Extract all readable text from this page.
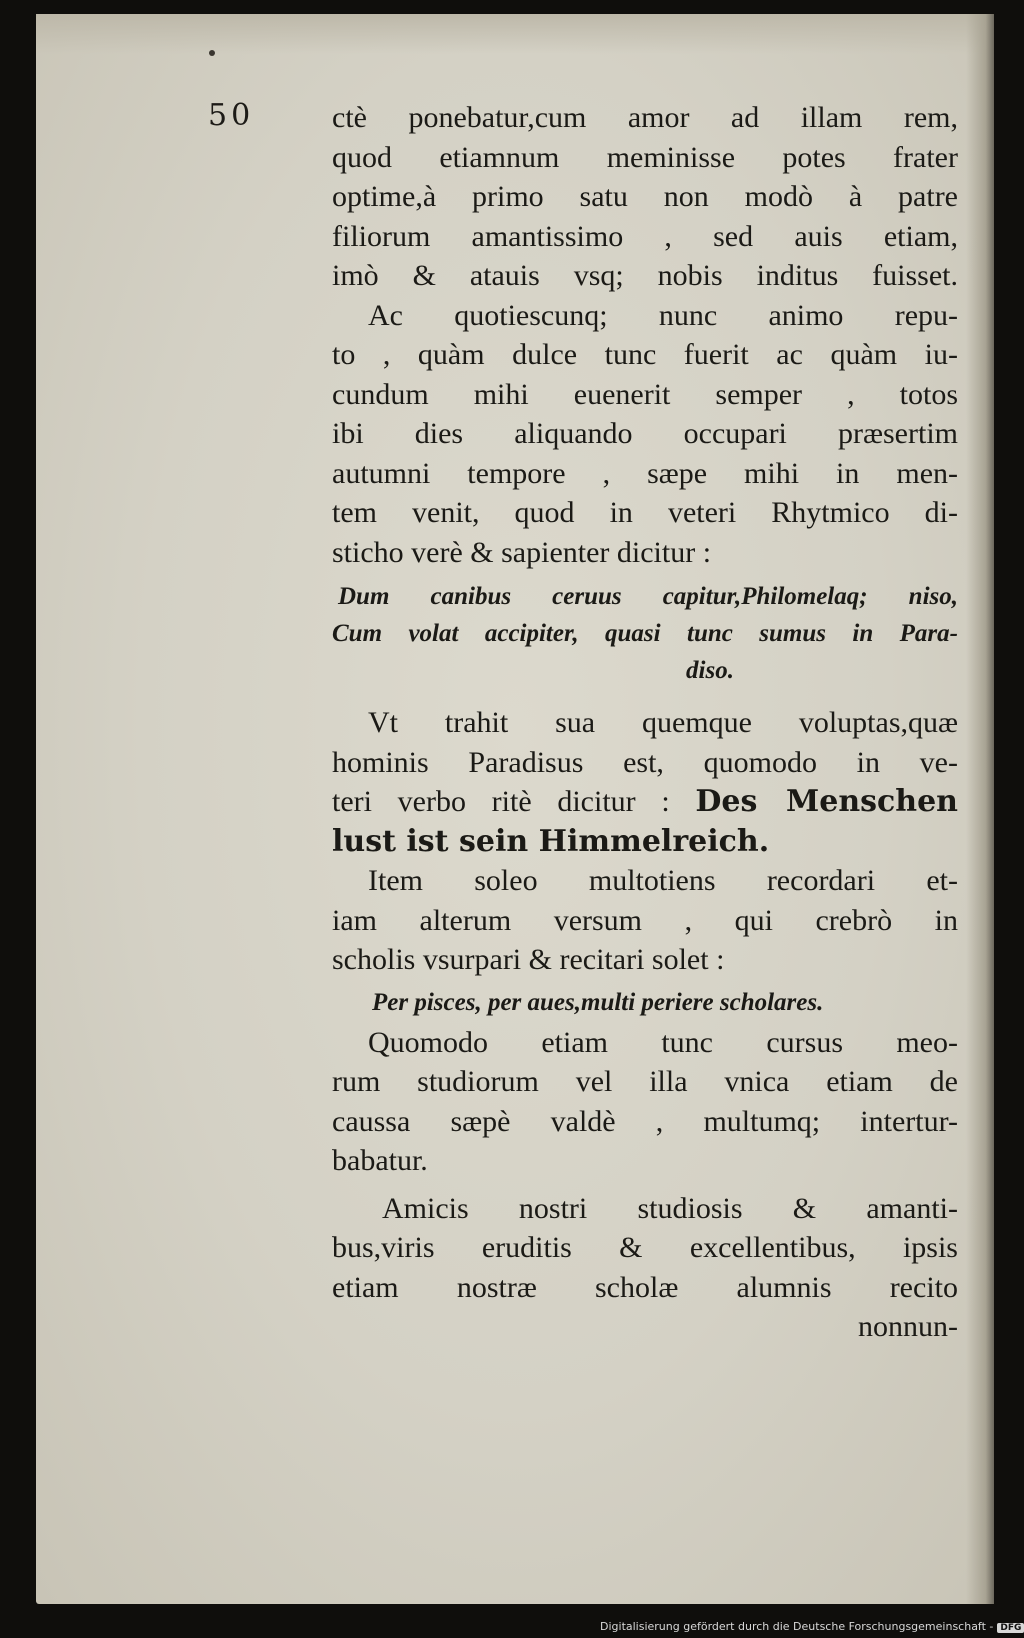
50	ctè ponebatur,cum amor ad illam rem,
quod etiamnum meminisse potes frater
optime,à primo satu non modò à patre
filiorum amantissimo , sed auis etiam,
imò & atauis vsq; nobis inditus fuisset.
Ac quotiescunq; nunc animo repu-
to , quàm dulce tunc fuerit ac quàm iu-
cundum mihi euenerit semper , totos
ibi dies aliquando occupari præsertim
autumni tempore , sæpe mihi in men-
tem venit, quod in veteri Rhytmico di-
sticho verè & sapienter dicitur :
Dum canibus ceruus capitur,Philomelaq; niso,
Cum volat accipiter, quasi tunc sumus in Para-
diso.
Vt trahit sua quemque voluptas,quæ
hominis Paradisus est, quomodo in ve-
teri verbo ritè dicitur : Des Menschen
lust ist sein Himmelreich.
Item soleo multotiens recordari et-
iam alterum versum , qui crebrò in
scholis vsurpari & recitari solet :
Per pisces, per aues,multi periere scholares.
Quomodo etiam tunc cursus meo-
rum studiorum vel illa vnica etiam de
caussa sæpè valdè , multumq; intertur-
babatur.
Amicis nostri studiosis & amanti-
bus,viris eruditis & excellentibus, ipsis
etiam nostræ scholæ alumnis recito
nonnun-
Digitalisierung gefördert durch die Deutsche Forschungsgemeinschaft - DFG
